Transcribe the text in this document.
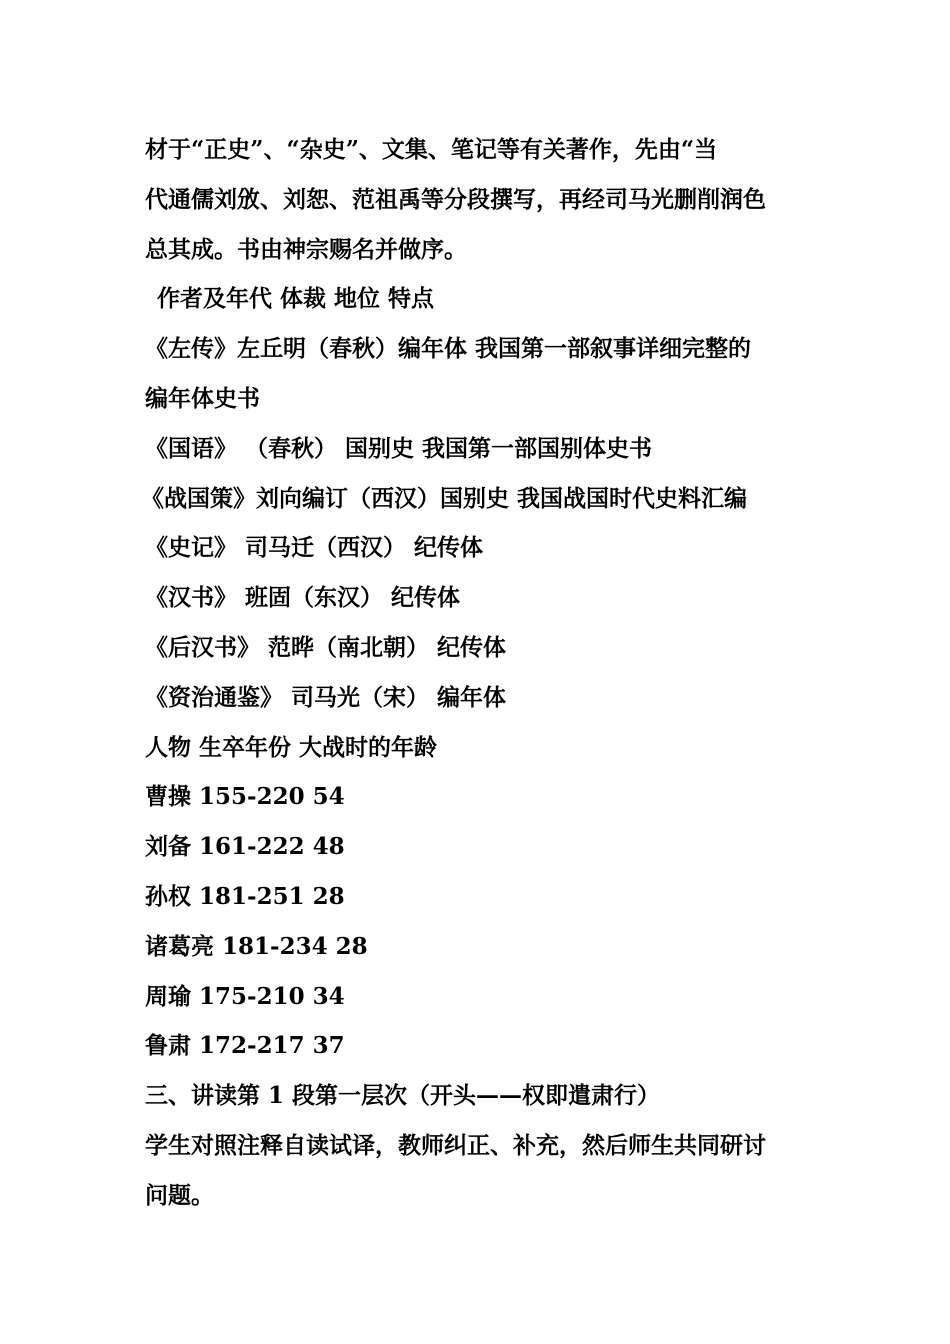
材于“正史”、“杂史”、文集、笔记等有关著作，先由“当
代通儒刘攽、刘恕、范祖禹等分段撰写，再经司马光删削润色
总其成。书由神宗赐名并做序。
作者及年代 体裁 地位 特点
《左传》左丘明（春秋）编年体 我国第一部叙事详细完整的
编年体史书
《国语》 （春秋） 国别史 我国第一部国别体史书
《战国策》刘向编订（西汉）国别史 我国战国时代史料汇编
《史记》 司马迁（西汉） 纪传体
《汉书》 班固（东汉） 纪传体
《后汉书》 范晔（南北朝） 纪传体
《资治通鉴》 司马光（宋） 编年体
人物 生卒年份 大战时的年龄
曹操 155-220 54
刘备 161-222 48
孙权 181-251 28
诸葛亮 181-234 28
周瑜 175-210 34
鲁肃 172-217 37
三、讲读第 1 段第一层次（开头——权即遣肃行）
学生对照注释自读试译，教师纠正、补充，然后师生共同研讨
问题。
